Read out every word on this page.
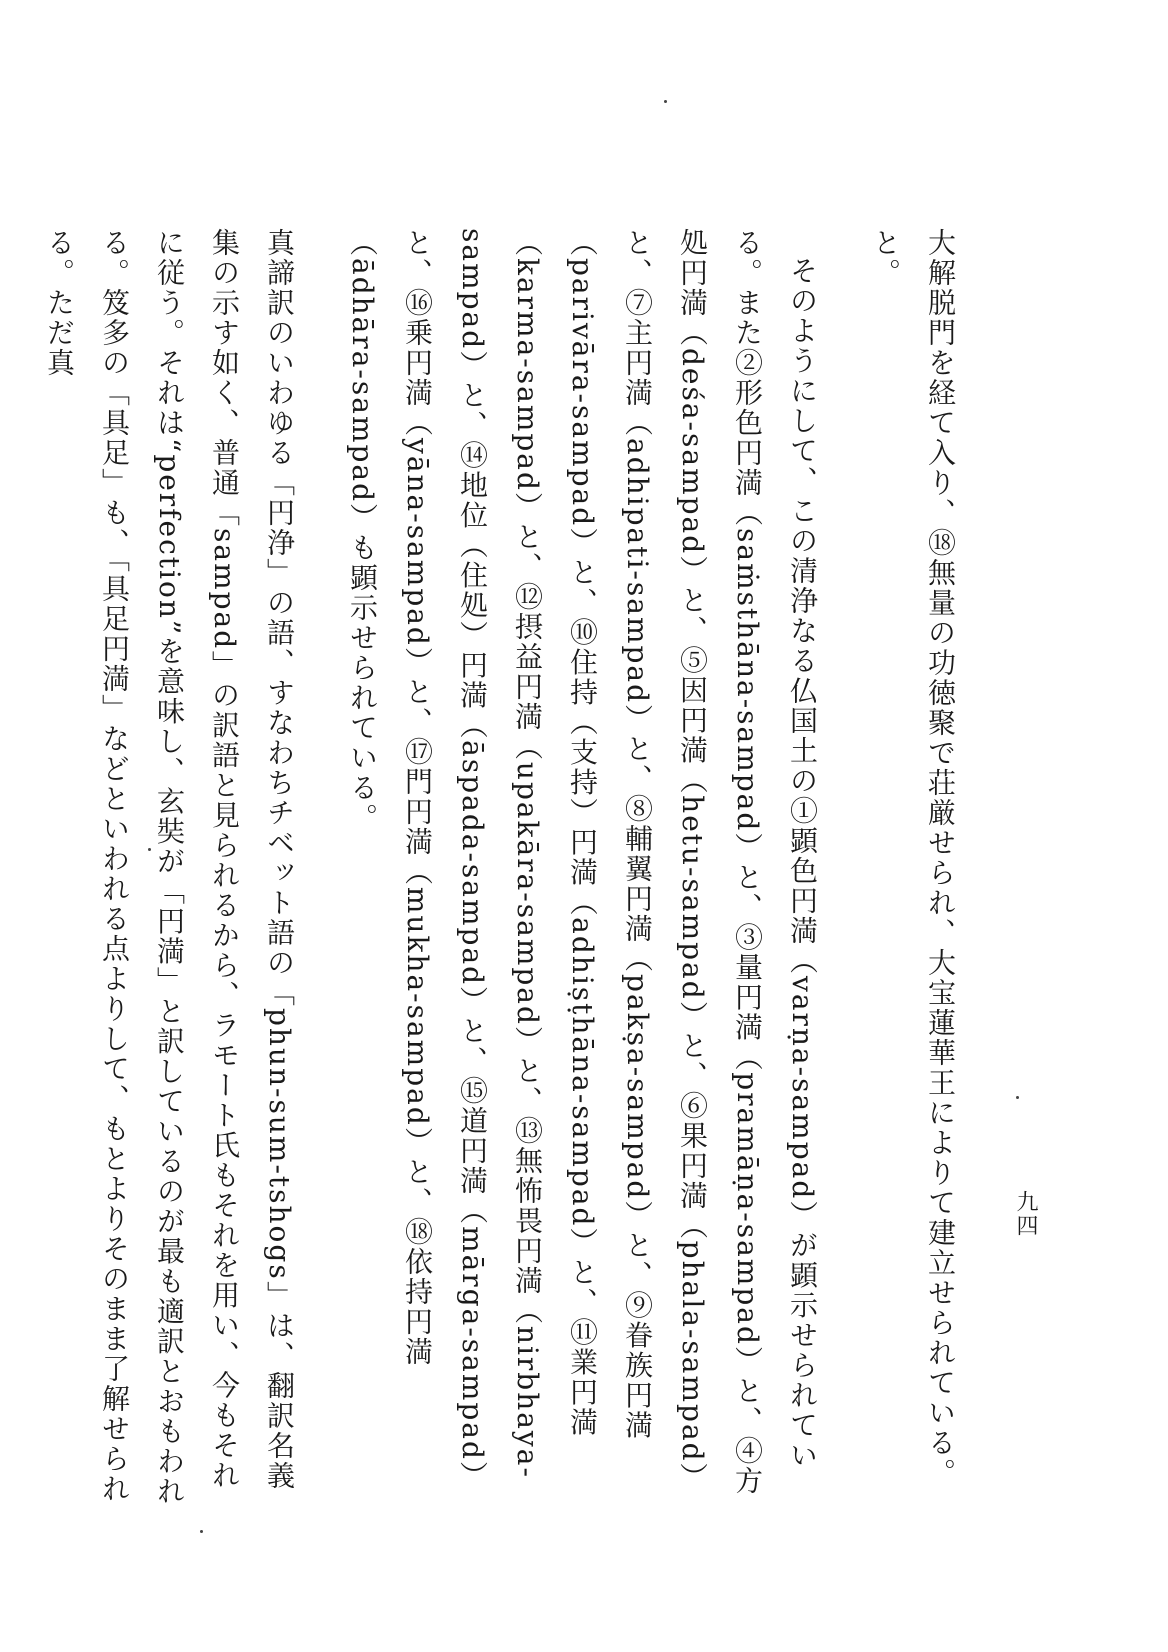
九四

大解脱門を経て入り、⑱無量の功徳聚で荘厳せられ、大宝蓮華王によりて建立せられている。と。

そのようにして、この清浄なる仏国土の①顕色円満（varṇa-sampad）が顕示せられている。また②形色円満（saṁsthāna-sampad）と、③量円満（pramāṇa-sampad）と、④方処円満（deśa-sampad）と、⑤因円満（hetu-sampad）と、⑥果円満（phala-sampad）と、⑦主円満（adhipati-sampad）と、⑧輔翼円満（pakṣa-sampad）と、⑨眷族円満（parivāra-sampad）と、⑩住持（支持）円満（adhiṣṭhāna-sampad）と、⑪業円満（karma-sampad）と、⑫摂益円満（upakāra-sampad）と、⑬無怖畏円満（nirbhaya-sampad）と、⑭地位（住処）円満（āspada-sampad）と、⑮道円満（mārga-sampad）と、⑯乗円満（yāna-sampad）と、⑰門円満（mukha-sampad）と、⑱依持円満（ādhāra-sampad）も顕示せられている。

真諦訳のいわゆる「円浄」の語、すなわちチベット語の「phun-sum-tshogs」は、翻訳名義集の示す如く、普通「sampad」の訳語と見られるから、ラモート氏もそれを用い、今もそれに従う。それは“perfection”を意味し、玄奘が「円満」と訳しているのが最も適訳とおもわれる。笈多の「具足」も、「具足円満」などといわれる点よりして、もとよりそのまま了解せられる。ただ真
